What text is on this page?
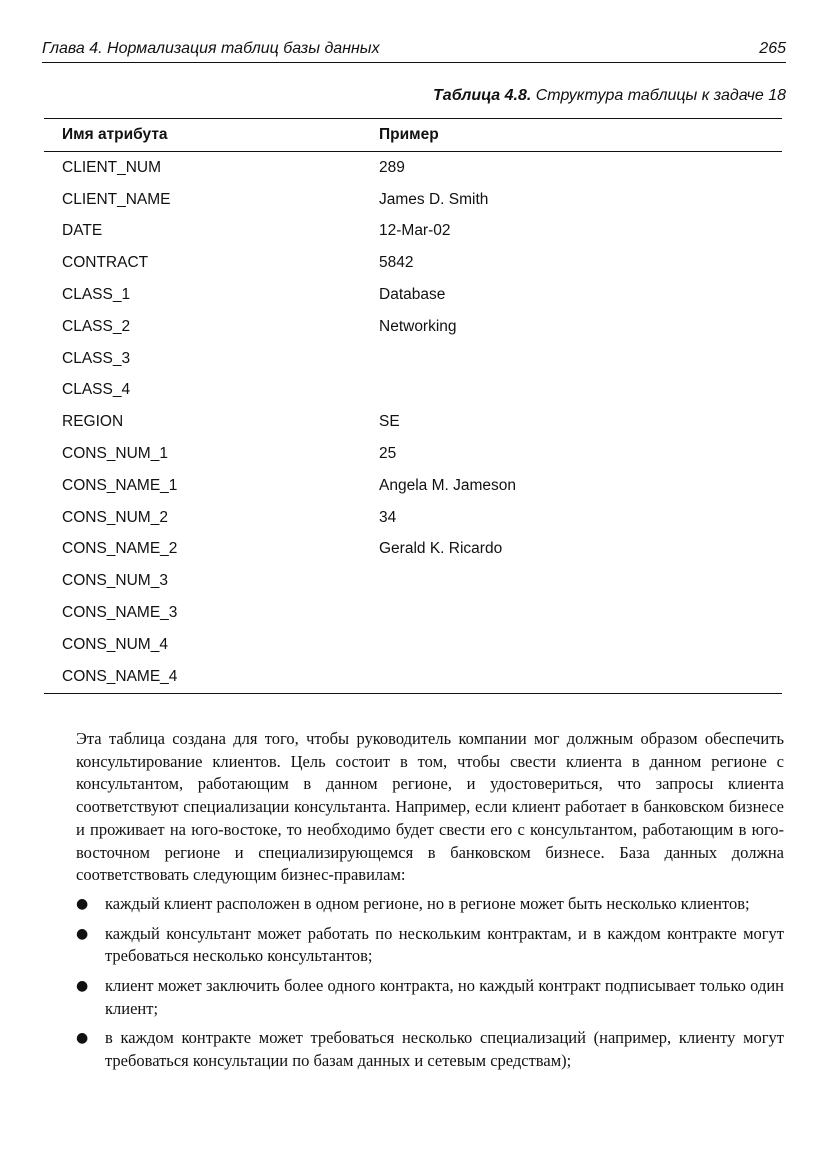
Глава 4. Нормализация таблиц базы данных	265
Таблица 4.8. Структура таблицы к задаче 18
Имя атрибута	Пример
CLIENT_NUM	289
CLIENT_NAME	James D. Smith
DATE	12-Mar-02
CONTRACT	5842
CLASS_1	Database
CLASS_2	Networking
CLASS_3	
CLASS_4	
REGION	SE
CONS_NUM_1	25
CONS_NAME_1	Angela M. Jameson
CONS_NUM_2	34
CONS_NAME_2	Gerald K. Ricardo
CONS_NUM_3	
CONS_NAME_3	
CONS_NUM_4	
CONS_NAME_4	

Эта таблица создана для того, чтобы руководитель компании мог должным образом обеспечить консультирование клиентов. Цель состоит в том, чтобы свести клиента в данном регионе с консультантом, работающим в данном регионе, и удостовериться, что запросы клиента соответствуют специализации консультанта. Например, если клиент работает в банковском бизнесе и проживает на юго-востоке, то необходимо будет свести его с консультантом, работающим в юго-восточном регионе и специализирующемся в банковском бизнесе. База данных должна соответствовать следующим бизнес-правилам:

● каждый клиент расположен в одном регионе, но в регионе может быть несколько клиентов;
● каждый консультант может работать по нескольким контрактам, и в каждом контракте могут требоваться несколько консультантов;
● клиент может заключить более одного контракта, но каждый контракт подписывает только один клиент;
● в каждом контракте может требоваться несколько специализаций (например, клиенту могут требоваться консультации по базам данных и сетевым средствам);
